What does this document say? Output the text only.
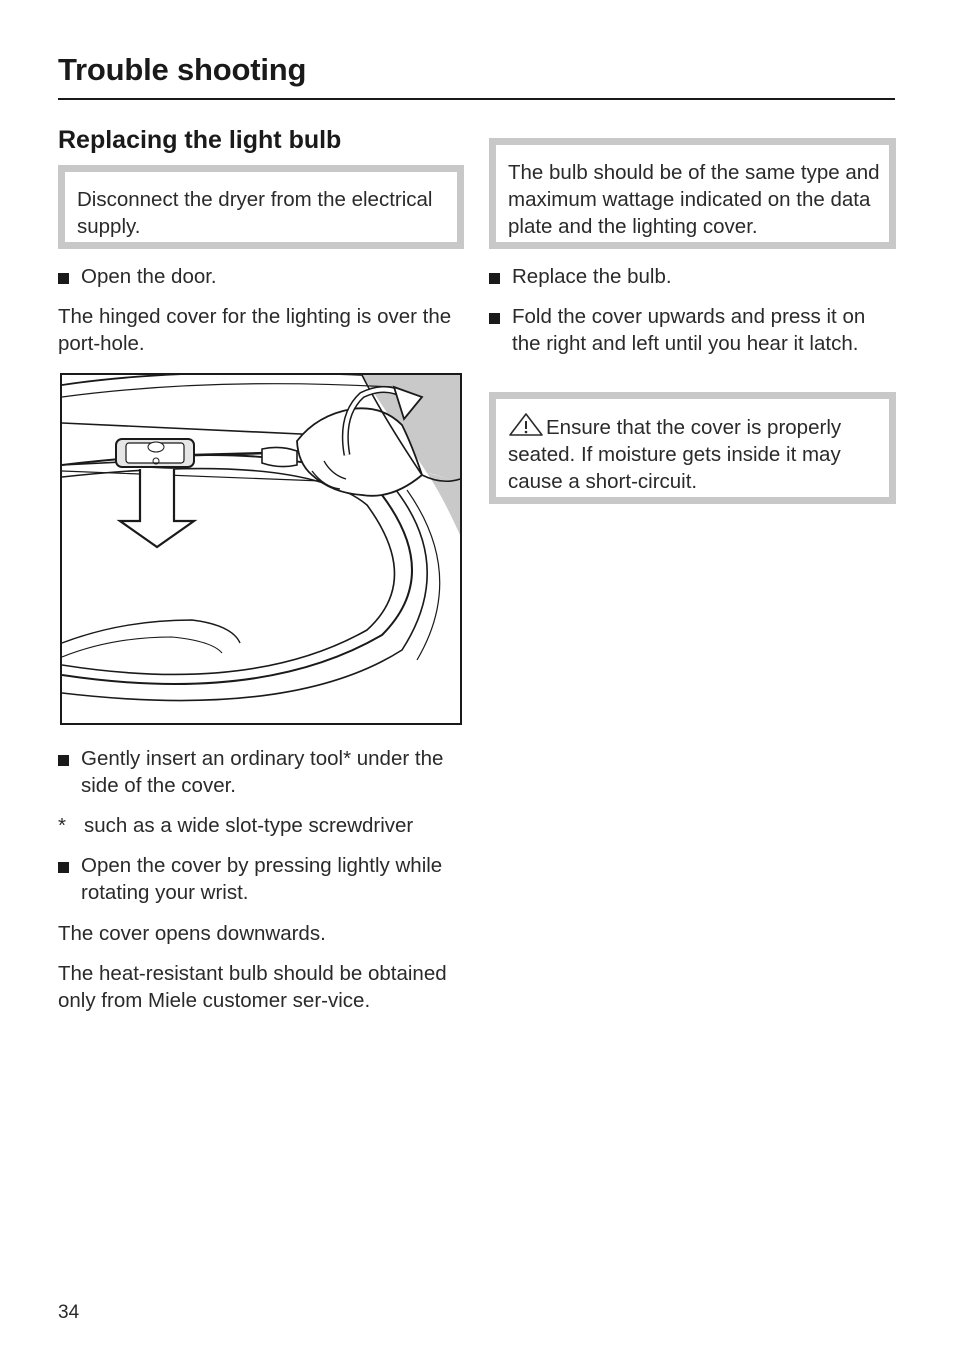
Trouble shooting
Replacing the light bulb
Disconnect the dryer from the electrical supply.
Open the door.
The hinged cover for the lighting is over the port-hole.
Gently insert an ordinary tool* under the side of the cover.
* such as a wide slot-type screwdriver
Open the cover by pressing lightly while rotating your wrist.
The cover opens downwards.
The heat-resistant bulb should be obtained only from Miele customer ser-vice.
The bulb should be of the same type and maximum wattage indicated on the data plate and the lighting cover.
Replace the bulb.
Fold the cover upwards and press it on the right and left until you hear it latch.
Ensure that the cover is properly seated. If moisture gets inside it may cause a short-circuit.
34
